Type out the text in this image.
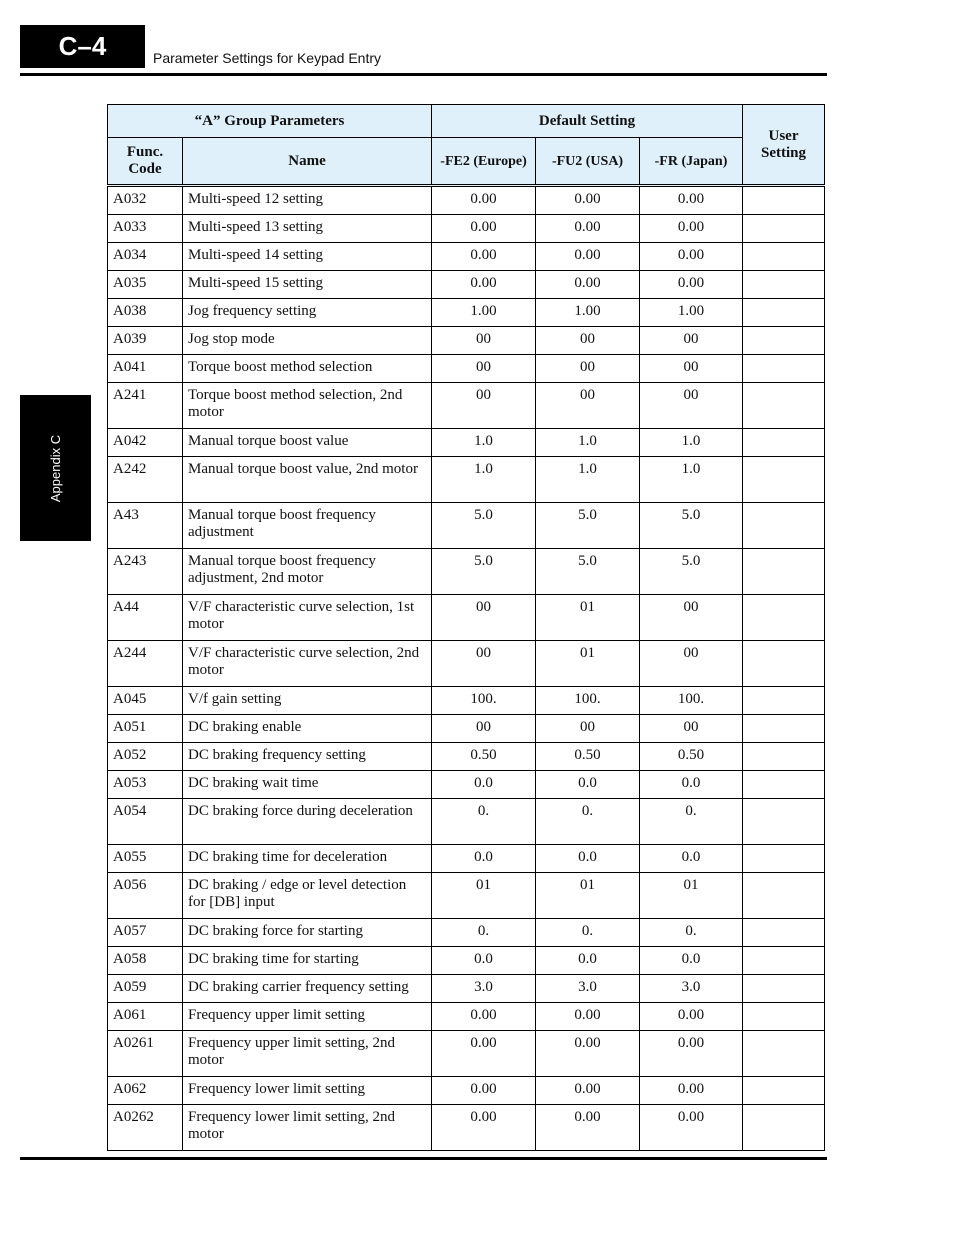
C–4	Parameter Settings for Keypad Entry
Appendix C
“A” Group Parameters		Default Setting			User Setting
Func. Code	Name	-FE2 (Europe)	-FU2 (USA)	-FR (Japan)	
A032	Multi-speed 12 setting	0.00	0.00	0.00	
A033	Multi-speed 13 setting	0.00	0.00	0.00	
A034	Multi-speed 14 setting	0.00	0.00	0.00	
A035	Multi-speed 15 setting	0.00	0.00	0.00	
A038	Jog frequency setting	1.00	1.00	1.00	
A039	Jog stop mode	00	00	00	
A041	Torque boost method selection	00	00	00	
A241	Torque boost method selection, 2nd motor	00	00	00	
A042	Manual torque boost value	1.0	1.0	1.0	
A242	Manual torque boost value, 2nd motor	1.0	1.0	1.0	
A43	Manual torque boost frequency adjustment	5.0	5.0	5.0	
A243	Manual torque boost frequency adjustment, 2nd motor	5.0	5.0	5.0	
A44	V/F characteristic curve selection, 1st motor	00	01	00	
A244	V/F characteristic curve selection, 2nd motor	00	01	00	
A045	V/f gain setting	100.	100.	100.	
A051	DC braking enable	00	00	00	
A052	DC braking frequency setting	0.50	0.50	0.50	
A053	DC braking wait time	0.0	0.0	0.0	
A054	DC braking force during deceleration	0.	0.	0.	
A055	DC braking time for deceleration	0.0	0.0	0.0	
A056	DC braking / edge or level detection for [DB] input	01	01	01	
A057	DC braking force for starting	0.	0.	0.	
A058	DC braking time for starting	0.0	0.0	0.0	
A059	DC braking carrier frequency setting	3.0	3.0	3.0	
A061	Frequency upper limit setting	0.00	0.00	0.00	
A0261	Frequency upper limit setting, 2nd motor	0.00	0.00	0.00	
A062	Frequency lower limit setting	0.00	0.00	0.00	
A0262	Frequency lower limit setting, 2nd motor	0.00	0.00	0.00	
